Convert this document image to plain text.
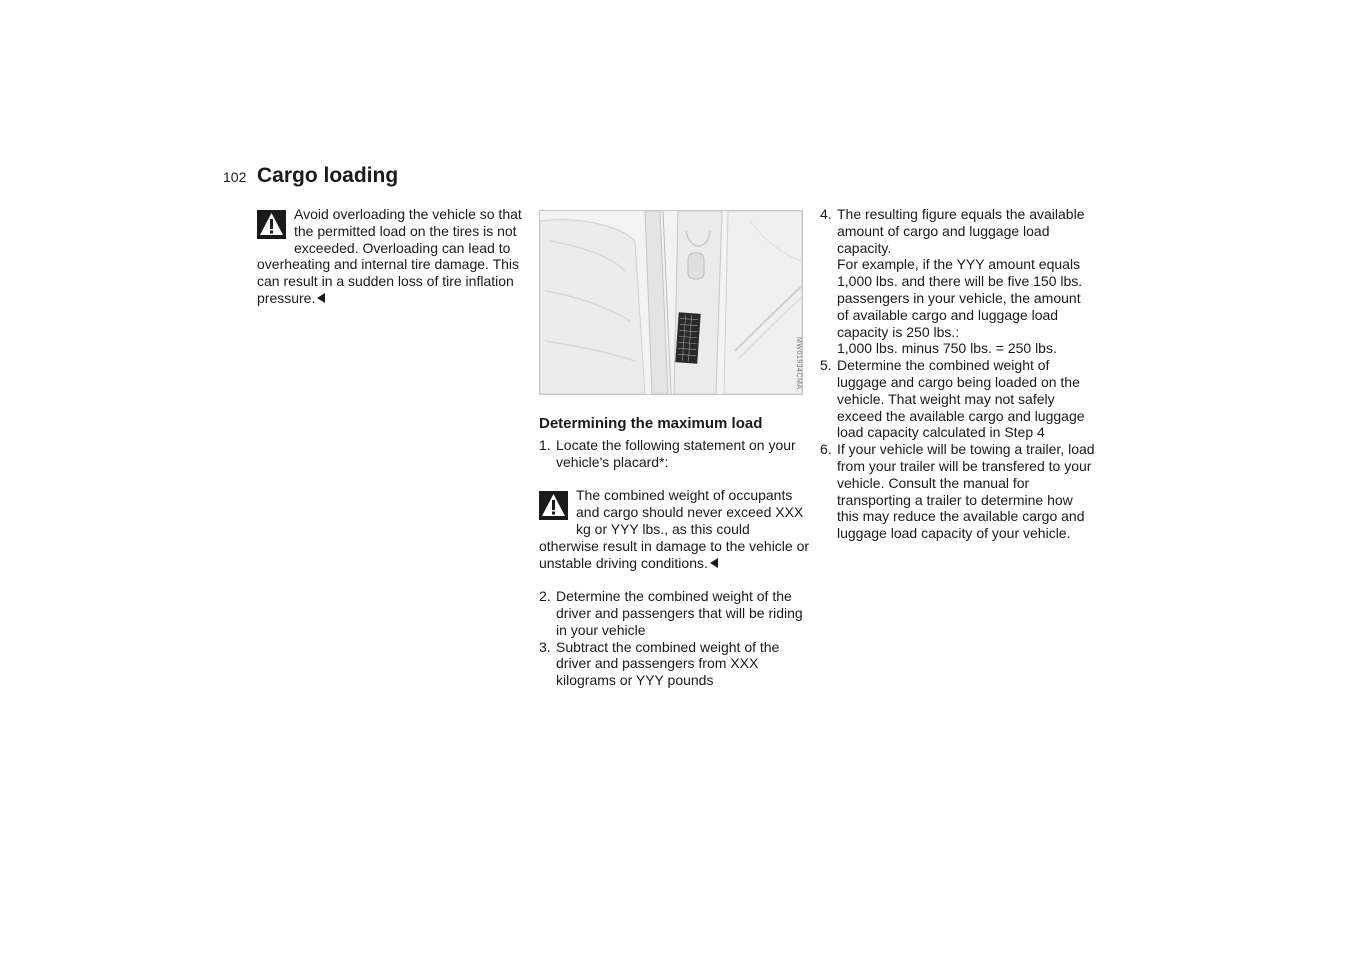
102 Cargo loading

Avoid overloading the vehicle so that the permitted load on the tires is not exceeded. Overloading can lead to overheating and internal tire damage. This can result in a sudden loss of tire inflation pressure.

MW01934CMA
Determining the maximum load
1. Locate the following statement on your vehicle's placard*:

The combined weight of occupants and cargo should never exceed XXX kg or YYY lbs., as this could otherwise result in damage to the vehicle or unstable driving conditions.

2. Determine the combined weight of the driver and passengers that will be riding in your vehicle
3. Subtract the combined weight of the driver and passengers from XXX kilograms or YYY pounds
4. The resulting figure equals the available amount of cargo and luggage load capacity.
For example, if the YYY amount equals 1,000 lbs. and there will be five 150 lbs. passengers in your vehicle, the amount of available cargo and luggage load capacity is 250 lbs.:
1,000 lbs. minus 750 lbs. = 250 lbs.
5. Determine the combined weight of luggage and cargo being loaded on the vehicle. That weight may not safely exceed the available cargo and luggage load capacity calculated in Step 4
6. If your vehicle will be towing a trailer, load from your trailer will be transfered to your vehicle. Consult the manual for transporting a trailer to determine how this may reduce the available cargo and luggage load capacity of your vehicle.
